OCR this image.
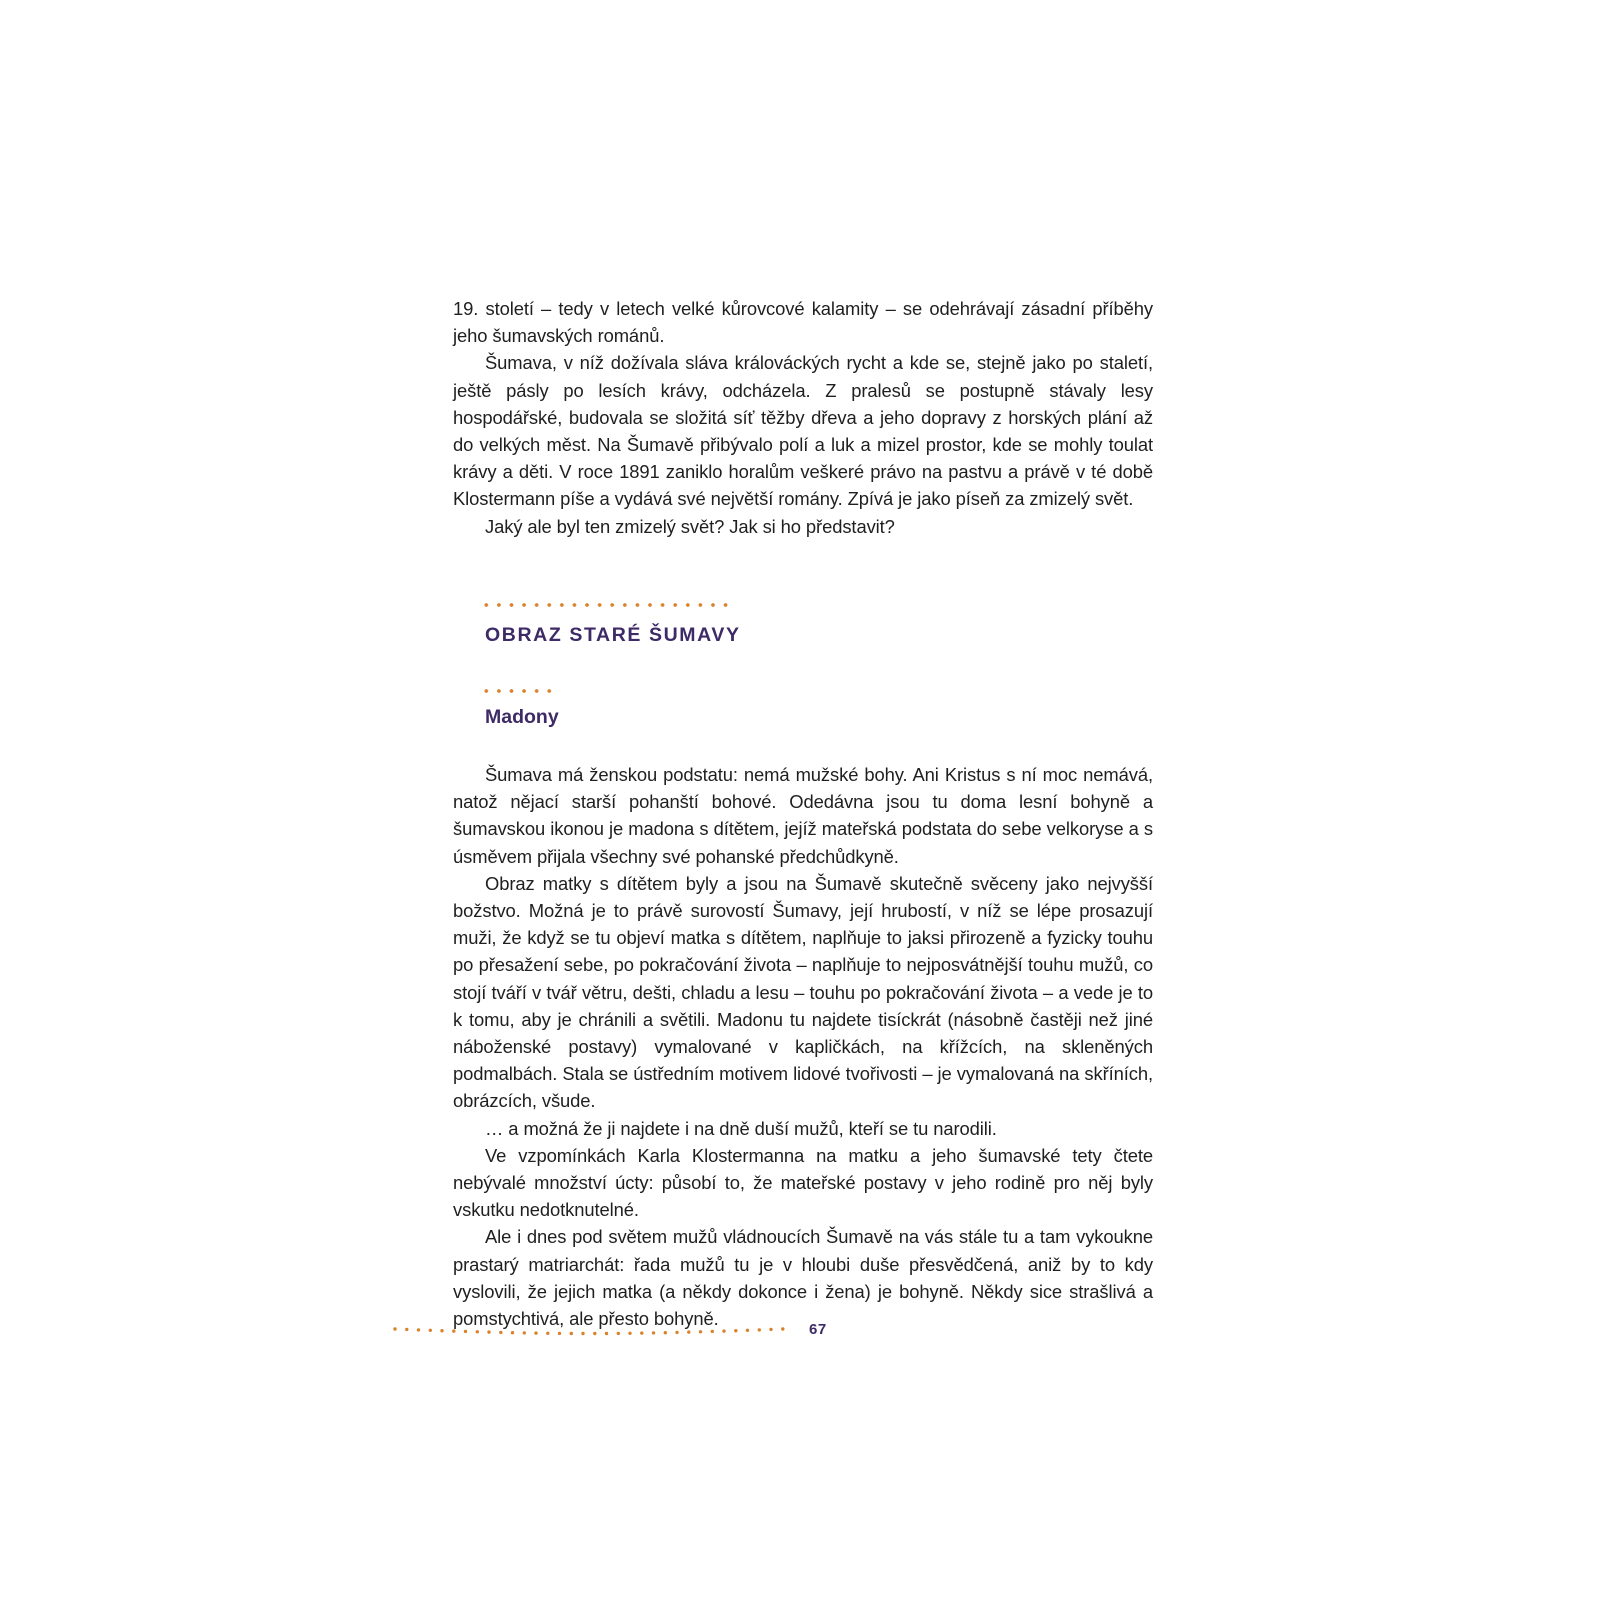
19. století – tedy v letech velké kůrovcové kalamity – se odehrávají zásadní příběhy jeho šumavských románů.

Šumava, v níž dožívala sláva králováckých rycht a kde se, stejně jako po staletí, ještě pásly po lesích krávy, odcházela. Z pralesů se postupně stávaly lesy hospodářské, budovala se složitá síť těžby dřeva a jeho dopravy z horských plání až do velkých měst. Na Šumavě přibývalo polí a luk a mizel prostor, kde se mohly toulat krávy a děti. V roce 1891 zaniklo horalům veškeré právo na pastvu a právě v té době Klostermann píše a vydává své největší romány. Zpívá je jako píseň za zmizelý svět.

Jaký ale byl ten zmizelý svět? Jak si ho představit?

OBRAZ STARÉ ŠUMAVY
Madony

Šumava má ženskou podstatu: nemá mužské bohy. Ani Kristus s ní moc nemává, natož nějací starší pohanští bohové. Odedávna jsou tu doma lesní bohyně a šumavskou ikonou je madona s dítětem, jejíž mateřská podstata do sebe velkoryse a s úsměvem přijala všechny své pohanské předchůdkyně.

Obraz matky s dítětem byly a jsou na Šumavě skutečně svěceny jako nejvyšší božstvo. Možná je to právě surovostí Šumavy, její hrubostí, v níž se lépe prosazují muži, že když se tu objeví matka s dítětem, naplňuje to jaksi přirozeně a fyzicky touhu po přesažení sebe, po pokračování života – naplňuje to nejposvátnější touhu mužů, co stojí tváří v tvář větru, dešti, chladu a lesu – touhu po pokračování života – a vede je to k tomu, aby je chránili a světili. Madonu tu najdete tisíckrát (násobně častěji než jiné náboženské postavy) vymalované v kapličkách, na křížcích, na skleněných podmalbách. Stala se ústředním motivem lidové tvořivosti – je vymalovaná na skříních, obrázcích, všude.

… a možná že ji najdete i na dně duší mužů, kteří se tu narodili.

Ve vzpomínkách Karla Klostermanna na matku a jeho šumavské tety čtete nebývalé množství úcty: působí to, že mateřské postavy v jeho rodině pro něj byly vskutku nedotknutelné.

Ale i dnes pod světem mužů vládnoucích Šumavě na vás stále tu a tam vykoukne prastarý matriarchát: řada mužů tu je v hloubi duše přesvědčená, aniž by to kdy vyslovili, že jejich matka (a někdy dokonce i žena) je bohyně. Někdy sice strašlivá a pomstychtivá, ale přesto bohyně.

67
